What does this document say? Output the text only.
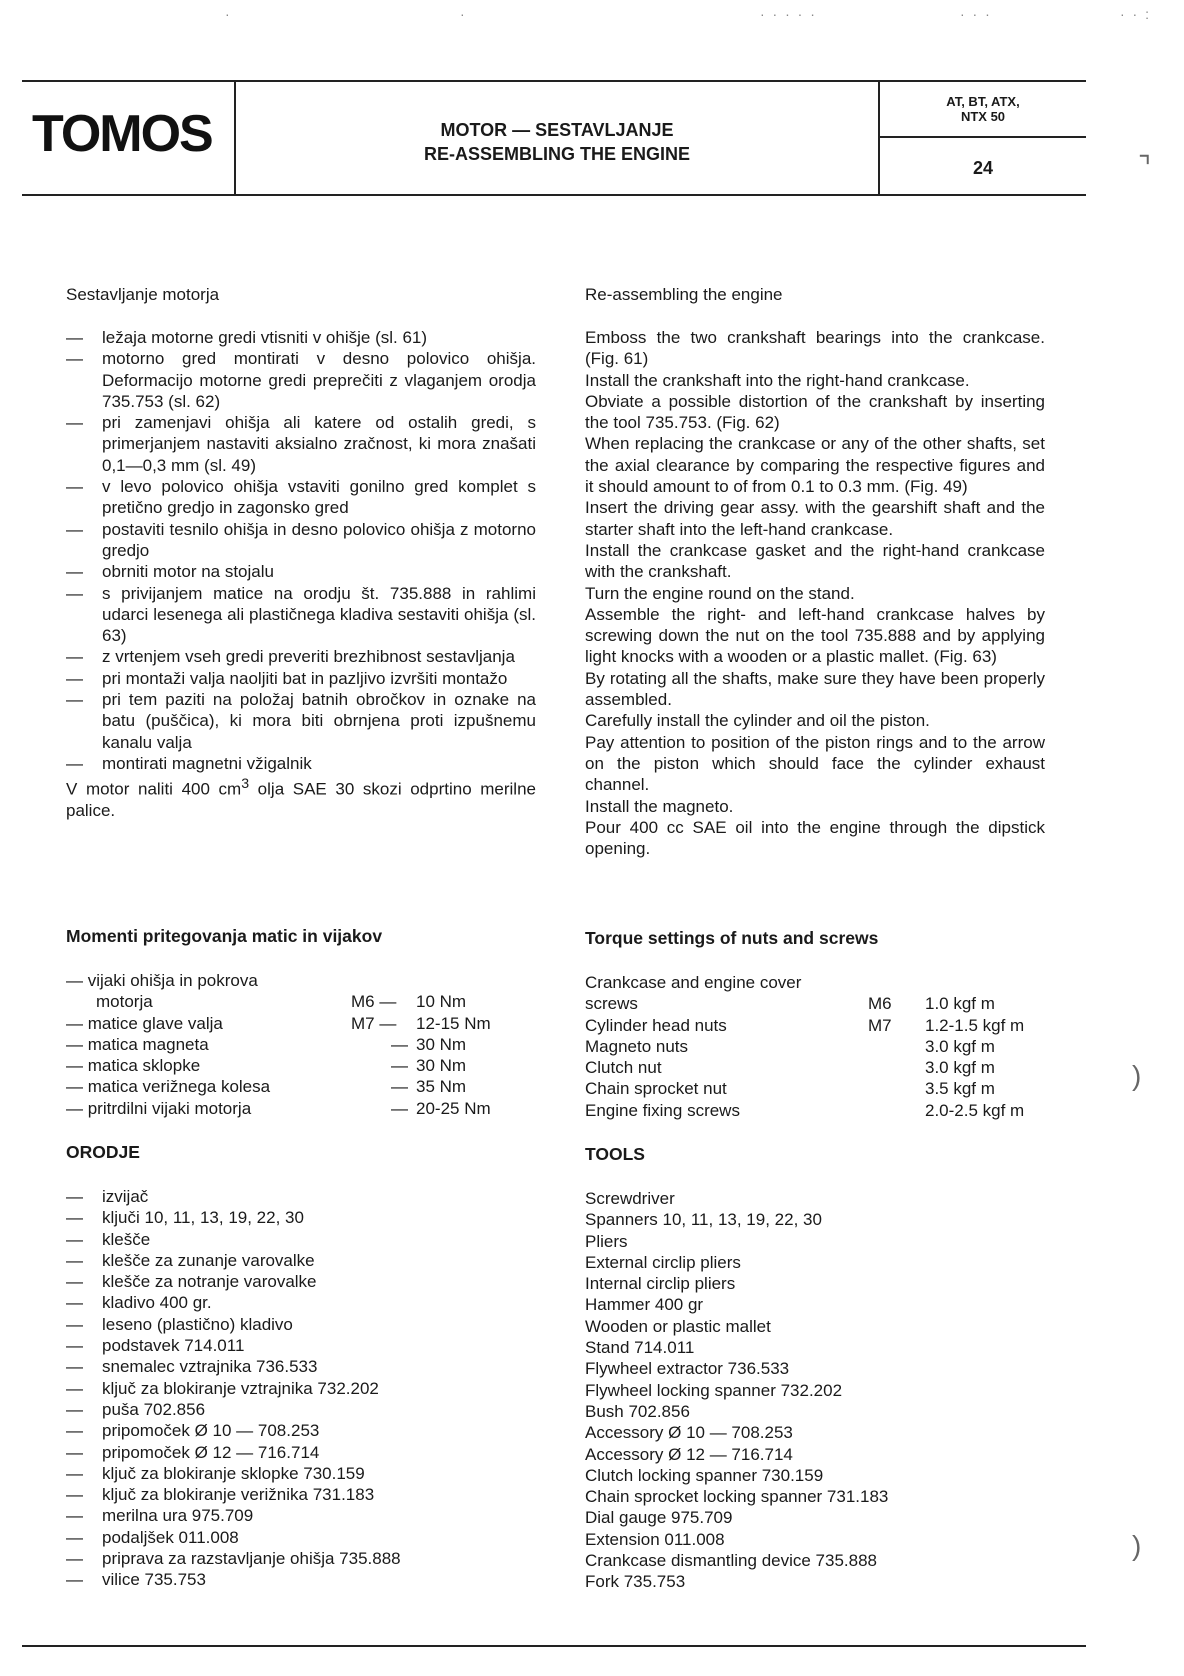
·	·	· · · · ·	· · ·	· · :
TOMOS	MOTOR — SESTAVLJANJE
RE-ASSEMBLING THE ENGINE
AT, BT, ATX,
NTX 50
24

Sestavljanje motorja

— ležaja motorne gredi vtisniti v ohišje (sl. 61)
— motorno gred montirati v desno polovico ohišja. Deformacijo motorne gredi preprečiti z vlaganjem orodja 735.753 (sl. 62)
— pri zamenjavi ohišja ali katere od ostalih gredi, s primerjanjem nastaviti aksialno zračnost, ki mora znašati 0,1—0,3 mm (sl. 49)
— v levo polovico ohišja vstaviti gonilno gred komplet s pretično gredjo in zagonsko gred
— postaviti tesnilo ohišja in desno polovico ohišja z motorno gredjo
— obrniti motor na stojalu
— s privijanjem matice na orodju št. 735.888 in rahlimi udarci lesenega ali plastičnega kladiva sestaviti ohišja (sl. 63)
— z vrtenjem vseh gredi preveriti brezhibnost sestavljanja
— pri montaži valja naoljiti bat in pazljivo izvršiti montažo
— pri tem paziti na položaj batnih obročkov in oznake na batu (puščica), ki mora biti obrnjena proti izpušnemu kanalu valja
— montirati magnetni vžigalnik

V motor naliti 400 $cm^3$ olja SAE 30 skozi odprtino merilne palice.

Momenti pritegovanja matic in vijakov

— vijaki ohišja in pokrova
motorja	M6 — 10 Nm
— matice glave valja	M7 — 12-15 Nm
— matica magneta	— 30 Nm
— matica sklopke	— 30 Nm
— matica verižnega kolesa	— 35 Nm
— pritrdilni vijaki motorja	— 20-25 Nm

ORODJE

— izvijač
— ključi 10, 11, 13, 19, 22, 30
— klešče
— klešče za zunanje varovalke
— klešče za notranje varovalke
— kladivo 400 gr.
— leseno (plastično) kladivo
— podstavek 714.011
— snemalec vztrajnika 736.533
— ključ za blokiranje vztrajnika 732.202
— puša 702.856
— pripomoček Ø 10 — 708.253
— pripomoček Ø 12 — 716.714
— ključ za blokiranje sklopke 730.159
— ključ za blokiranje verižnika 731.183
— merilna ura 975.709
— podaljšek 011.008
— priprava za razstavljanje ohišja 735.888
— vilice 735.753

Re-assembling the engine

Emboss the two crankshaft bearings into the crankcase. (Fig. 61)

Install the crankshaft into the right-hand crankcase.

Obviate a possible distortion of the crankshaft by inserting the tool 735.753. (Fig. 62)

When replacing the crankcase or any of the other shafts, set the axial clearance by comparing the respective figures and it should amount to of from 0.1 to 0.3 mm. (Fig. 49)

Insert the driving gear assy. with the gearshift shaft and the starter shaft into the left-hand crankcase.

Install the crankcase gasket and the right-hand crankcase with the crankshaft.

Turn the engine round on the stand.

Assemble the right- and left-hand crankcase halves by screwing down the nut on the tool 735.888 and by applying light knocks with a wooden or a plastic mallet. (Fig. 63)

By rotating all the shafts, make sure they have been properly assembled.

Carefully install the cylinder and oil the piston.

Pay attention to position of the piston rings and to the arrow on the piston which should face the cylinder exhaust channel.

Install the magneto.

Pour 400 cc SAE oil into the engine through the dipstick opening.

Torque settings of nuts and screws

Crankcase and engine cover
screws	M6 1.0 kgf m
Cylinder head nuts	M7 1.2-1.5 kgf m
Magneto nuts	3.0 kgf m
Clutch nut	3.0 kgf m
Chain sprocket nut	3.5 kgf m
Engine fixing screws	2.0-2.5 kgf m

TOOLS

Screwdriver

Spanners 10, 11, 13, 19, 22, 30

Pliers

External circlip pliers

Internal circlip pliers

Hammer 400 gr

Wooden or plastic mallet

Stand 714.011

Flywheel extractor 736.533

Flywheel locking spanner 732.202

Bush 702.856

Accessory Ø 10 — 708.253

Accessory Ø 12 — 716.714

Clutch locking spanner 730.159

Chain sprocket locking spanner 731.183

Dial gauge 975.709

Extension 011.008

Crankcase dismantling device 735.888

Fork 735.753

⌝
)
)
